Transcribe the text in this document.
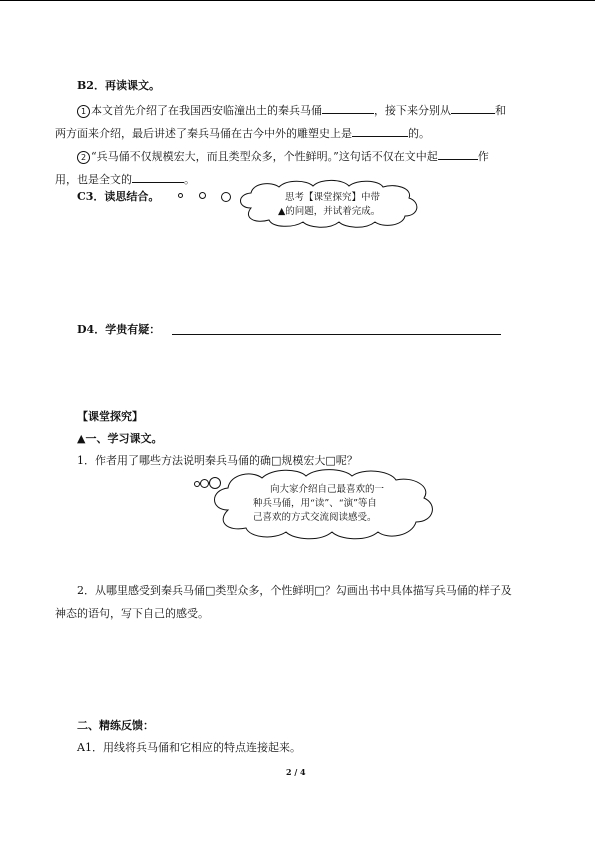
B2．再读课文。
1 本文首先介绍了在我国西安临潼出土的秦兵马俑	，接下来分别从	和
两方面来介绍，最后讲述了秦兵马俑在古今中外的雕塑史上是	的。
2 “兵马俑不仅规模宏大，而且类型众多，个性鲜明。”这句话不仅在文中起	作
用，也是全文的	。
C3．读思结合。	思考【课堂探究】中带
▲的问题，并试着完成。
D4．学贵有疑：
【课堂探究】
▲一、学习课文。
1．作者用了哪些方法说明秦兵马俑的确□规模宏大□呢？
向大家介绍自己最喜欢的一
种兵马俑，用“读”、“演”等自
己喜欢的方式交流阅读感受。
2．从哪里感受到秦兵马俑□类型众多，个性鲜明□？勾画出书中具体描写兵马俑的样子及
神态的语句，写下自己的感受。
二、精练反馈：
A1．用线将兵马俑和它相应的特点连接起来。
2 / 4
